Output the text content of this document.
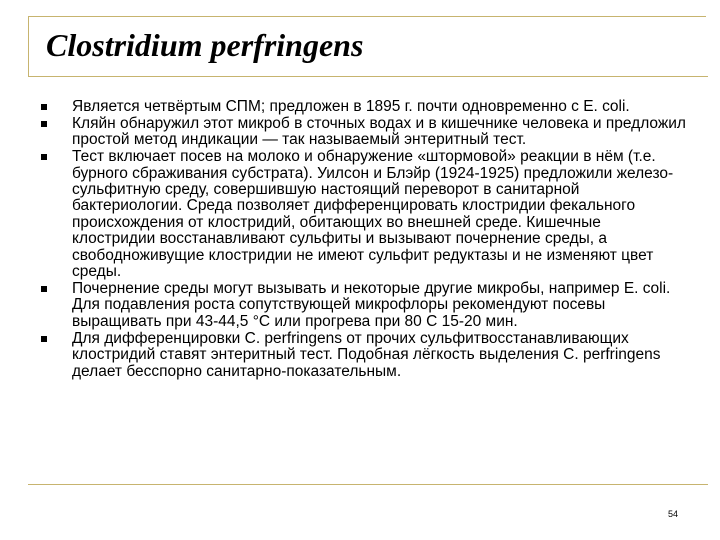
Clostridium perfringens
Является четвёртым СПМ; предложен в 1895 г. почти одновременно с E. coli.
Кляйн обнаружил этот микроб в сточных водах и в кишечнике человека и предложил простой метод индикации — так называемый энтеритный тест.
Тест включает посев на молоко и обнаружение «штормовой» реакции в нём (т.е. бурного сбраживания субстрата). Уилсон и Блэйр (1924-1925) предложили железо-сульфитную среду, совершившую настоящий переворот в санитарной бактериологии. Среда позволяет дифференцировать клостридии фекального происхождения от клостридий, обитающих во внешней среде. Кишечные клостридии восстанавливают сульфиты и вызывают почернение среды, а свободноживущие клостридии не имеют сульфит редуктазы и не изменяют цвет среды.
Почернение среды могут вызывать и некоторые другие микробы, например E. coli. Для подавления роста сопутствующей микрофлоры рекомендуют посевы выращивать при 43-44,5 °С или прогрева при 80 С 15-20 мин.
Для дифференцировки C. perfringens от прочих сульфитвосстанавливающих клостридий ставят энтеритный тест. Подобная лёгкость выделения C. perfringens делает бесспорно санитарно-показательным.
54
